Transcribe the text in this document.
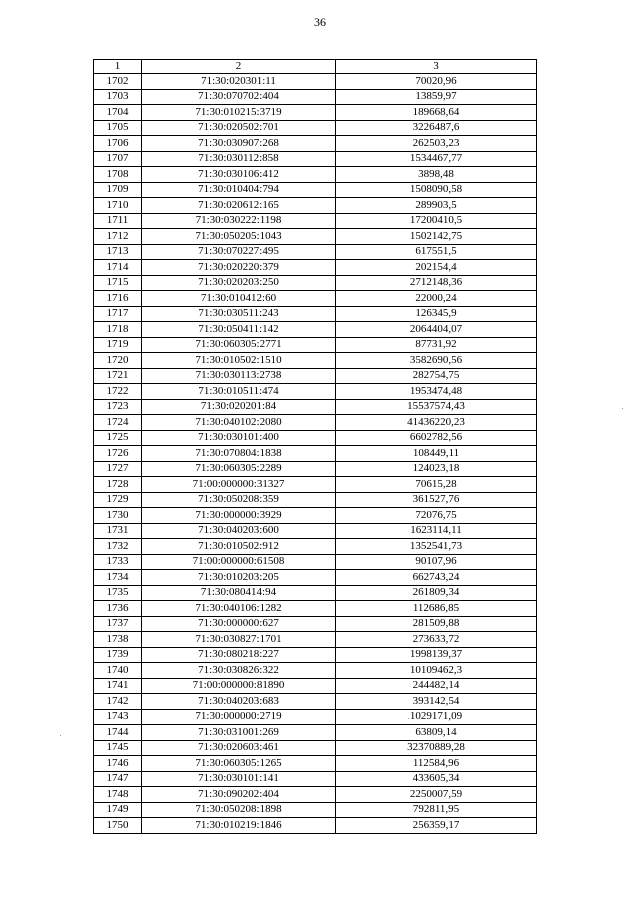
36
1	2	3
1702	71:30:020301:11	70020,96
1703	71:30:070702:404	13859,97
1704	71:30:010215:3719	189668,64
1705	71:30:020502:701	3226487,6
1706	71:30:030907:268	262503,23
1707	71:30:030112:858	1534467,77
1708	71:30:030106:412	3898,48
1709	71:30:010404:794	1508090,58
1710	71:30:020612:165	289903,5
1711	71:30:030222:1198	17200410,5
1712	71:30:050205:1043	1502142,75
1713	71:30:070227:495	617551,5
1714	71:30:020220:379	202154,4
1715	71:30:020203:250	2712148,36
1716	71:30:010412:60	22000,24
1717	71:30:030511:243	126345,9
1718	71:30:050411:142	2064404,07
1719	71:30:060305:2771	87731,92
1720	71:30:010502:1510	3582690,56
1721	71:30:030113:2738	282754,75
1722	71:30:010511:474	1953474,48
1723	71:30:020201:84	15537574,43
1724	71:30:040102:2080	41436220,23
1725	71:30:030101:400	6602782,56
1726	71:30:070804:1838	108449,11
1727	71:30:060305:2289	124023,18
1728	71:00:000000:31327	70615,28
1729	71:30:050208:359	361527,76
1730	71:30:000000:3929	72076,75
1731	71:30:040203:600	1623114,11
1732	71:30:010502:912	1352541,73
1733	71:00:000000:61508	90107,96
1734	71:30:010203:205	662743,24
1735	71:30:080414:94	261809,34
1736	71:30:040106:1282	112686,85
1737	71:30:000000:627	281509,88
1738	71:30:030827:1701	273633,72
1739	71:30:080218:227	1998139,37
1740	71:30:030826:322	10109462,3
1741	71:00:000000:81890	244482,14
1742	71:30:040203:683	393142,54
1743	71:30:000000:2719	1029171,09
1744	71:30:031001:269	63809,14
1745	71:30:020603:461	32370889,28
1746	71:30:060305:1265	112584,96
1747	71:30:030101:141	433605,34
1748	71:30:090202:404	2250007,59
1749	71:30:050208:1898	792811,95
1750	71:30:010219:1846	256359,17
